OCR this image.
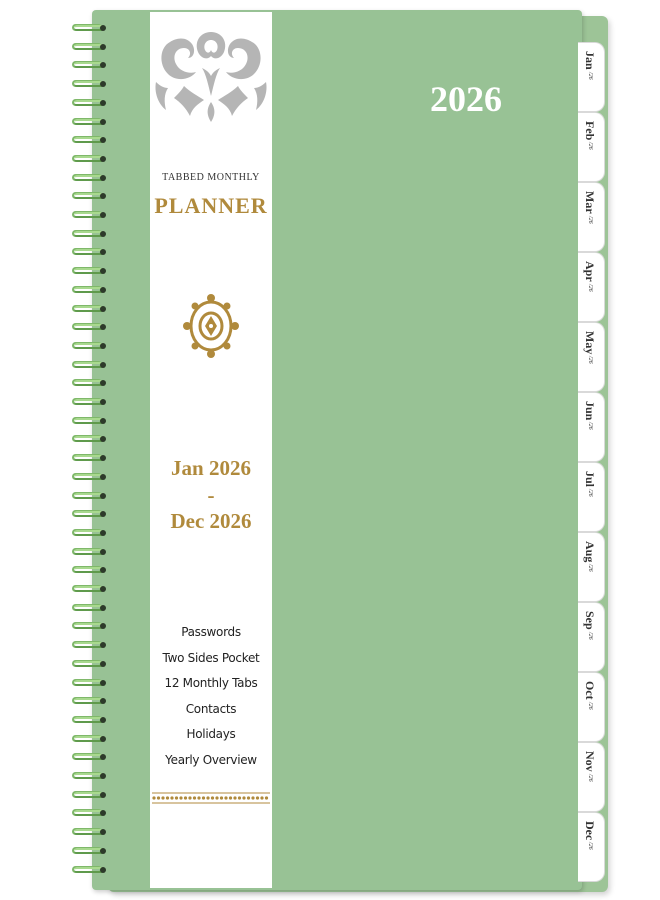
TABBED MONTHLY
PLANNER
Jan 2026
-
Dec 2026
Passwords
Two Sides Pocket
12 Monthly Tabs
Contacts
Holidays
Yearly Overview
2026
Jan/26
Feb/26
Mar/26
Apr/26
May/26
Jun/26
Jul/26
Aug/26
Sep/26
Oct/26
Nov/26
Dec/26
